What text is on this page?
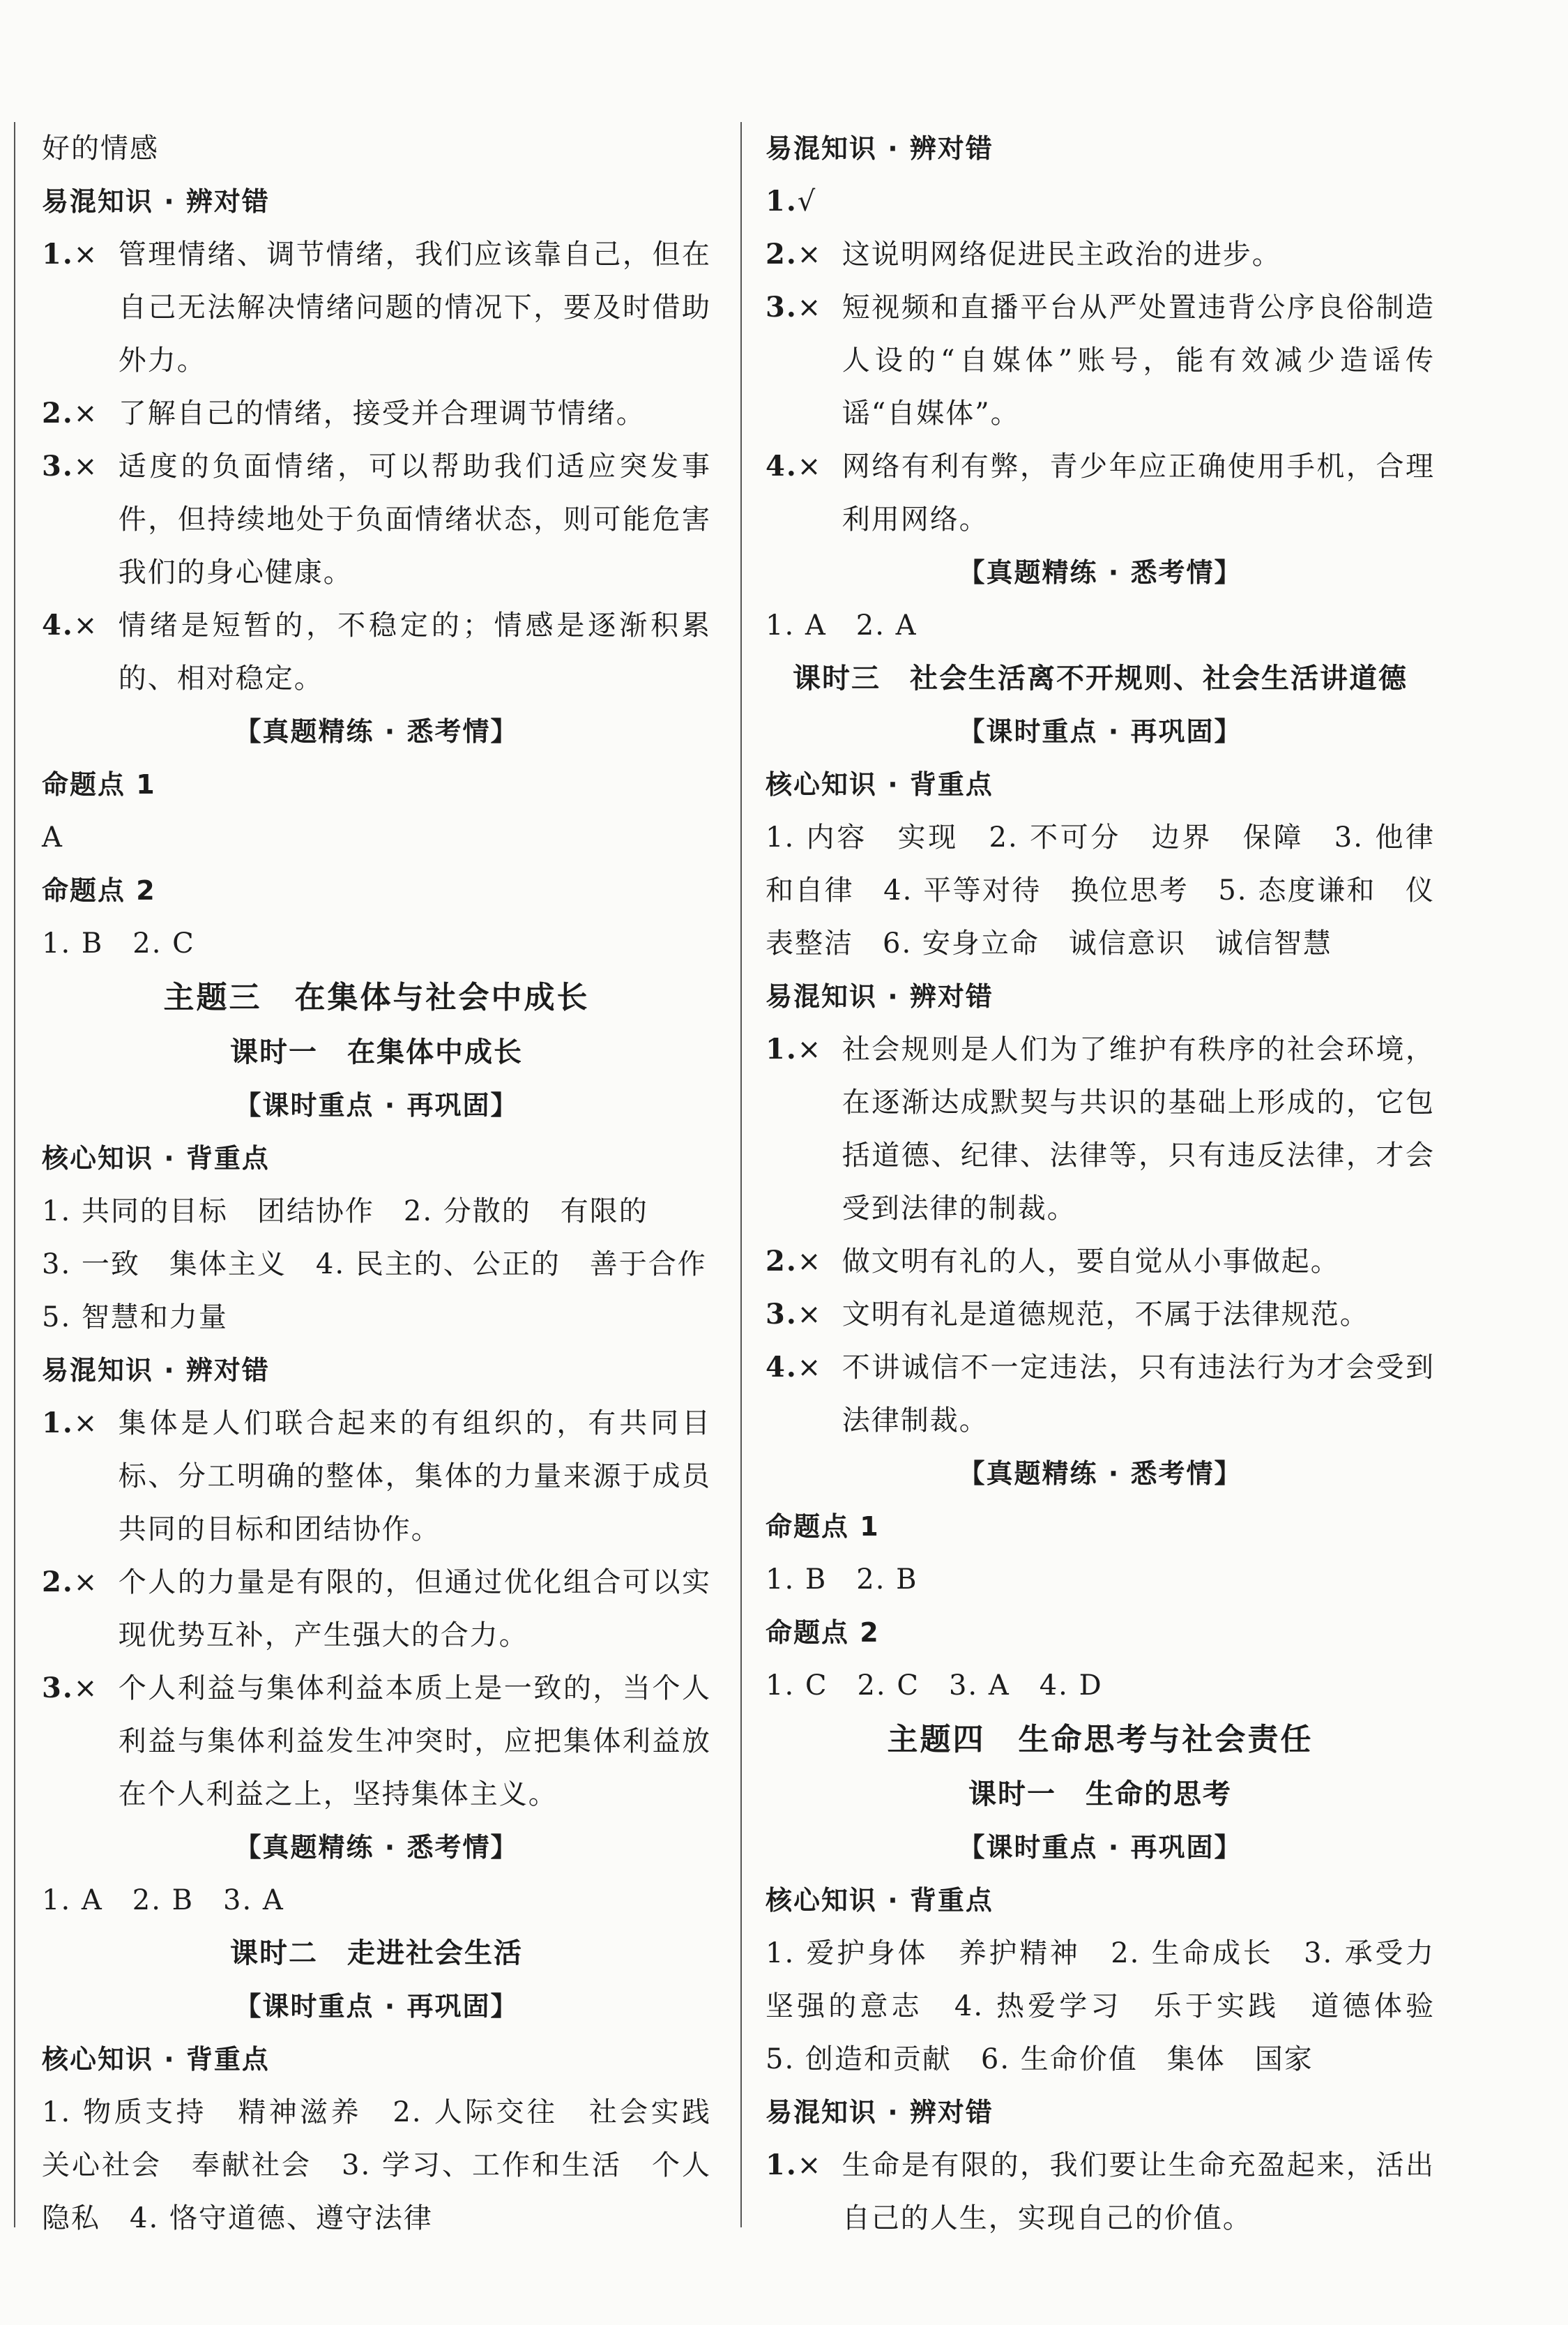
好的情感

易混知识 · 辨对错
1. × 管理情绪、调节情绪，我们应该靠自己，但在自己无法解决情绪问题的情况下，要及时借助外力。
2. × 了解自己的情绪，接受并合理调节情绪。
3. × 适度的负面情绪，可以帮助我们适应突发事件，但持续地处于负面情绪状态，则可能危害我们的身心健康。
4. × 情绪是短暂的，不稳定的；情感是逐渐积累的、相对稳定。
【真题精练 · 悉考情】
命题点 1
A
命题点 2
1. B　2. C
主题三　在集体与社会中成长
课时一　在集体中成长
【课时重点 · 再巩固】
核心知识 · 背重点
1. 共同的目标　团结协作　2. 分散的　有限的
3. 一致　集体主义　4. 民主的、公正的　善于合作
5. 智慧和力量
易混知识 · 辨对错
1. × 集体是人们联合起来的有组织的，有共同目标、分工明确的整体，集体的力量来源于成员共同的目标和团结协作。
2. × 个人的力量是有限的，但通过优化组合可以实现优势互补，产生强大的合力。
3. × 个人利益与集体利益本质上是一致的，当个人利益与集体利益发生冲突时，应把集体利益放在个人利益之上，坚持集体主义。
【真题精练 · 悉考情】
1. A　2. B　3. A
课时二　走进社会生活
【课时重点 · 再巩固】
核心知识 · 背重点

1. 物质支持　精神滋养　2. 人际交往　社会实践　关心社会　奉献社会　3. 学习、工作和生活　个人隐私　4. 恪守道德、遵守法律

易混知识 · 辨对错
1. √
2. × 这说明网络促进民主政治的进步。
3. × 短视频和直播平台从严处置违背公序良俗制造人设的“自媒体”账号，能有效减少造谣传谣“自媒体”。
4. × 网络有利有弊，青少年应正确使用手机，合理利用网络。
【真题精练 · 悉考情】
1. A　2. A
课时三　社会生活离不开规则、社会生活讲道德
【课时重点 · 再巩固】
核心知识 · 背重点

1. 内容　实现　2. 不可分　边界　保障　3. 他律和自律　4. 平等对待　换位思考　5. 态度谦和　仪表整洁　6. 安身立命　诚信意识　诚信智慧

易混知识 · 辨对错
1. × 社会规则是人们为了维护有秩序的社会环境，在逐渐达成默契与共识的基础上形成的，它包括道德、纪律、法律等，只有违反法律，才会受到法律的制裁。
2. × 做文明有礼的人，要自觉从小事做起。
3. × 文明有礼是道德规范，不属于法律规范。
4. × 不讲诚信不一定违法，只有违法行为才会受到法律制裁。
【真题精练 · 悉考情】
命题点 1
1. B　2. B
命题点 2
1. C　2. C　3. A　4. D
主题四　生命思考与社会责任
课时一　生命的思考
【课时重点 · 再巩固】
核心知识 · 背重点

1. 爱护身体　养护精神　2. 生命成长　3. 承受力　坚强的意志　4. 热爱学习　乐于实践　道德体验　5. 创造和贡献　6. 生命价值　集体　国家

易混知识 · 辨对错
1. × 生命是有限的，我们要让生命充盈起来，活出自己的人生，实现自己的价值。
